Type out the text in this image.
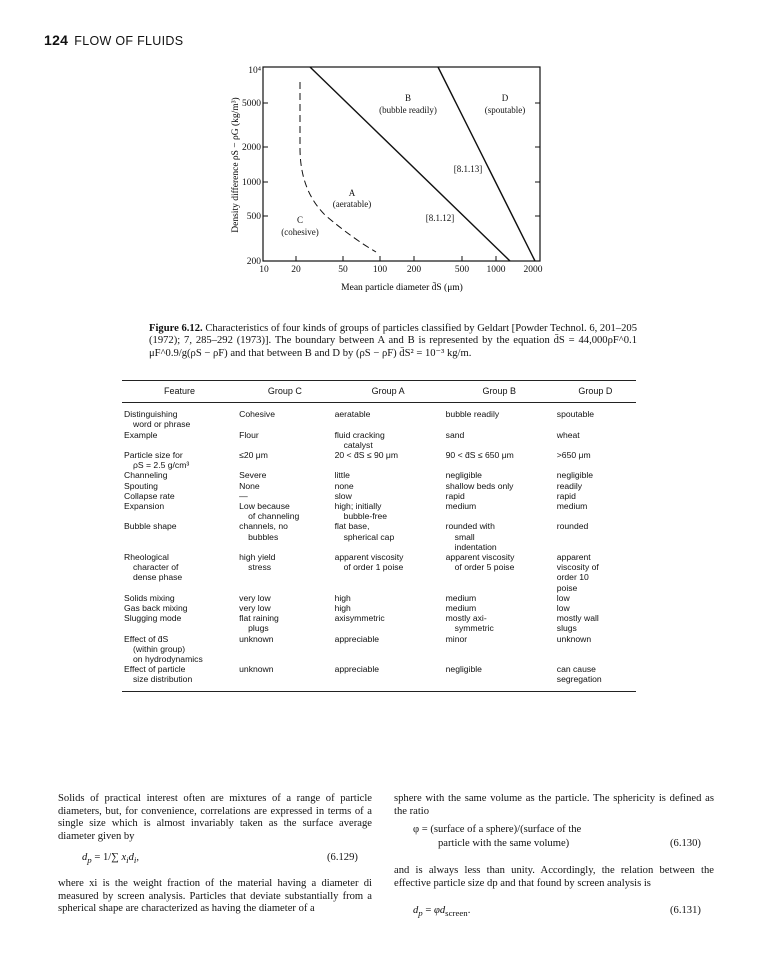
124 FLOW OF FLUIDS
10⁴
5000
2000
1000
500
200
10 20	50	100 200	500 1000 2000
Mean particle diameter d̄S (μm)
Density difference ρS − ρG (kg/m³)	B
(bubble readily)
D
(spoutable)
A
(aeratable)
C
(cohesive)
[8.1.13]
[8.1.12]
Figure 6.12. Characteristics of four kinds of groups of particles classified by Geldart [Powder Technol. 6, 201–205 (1972); 7, 285–292 (1973)]. The boundary between A and B is represented by the equation d̄S = 44,000ρF^0.1 μF^0.9/g(ρS − ρF) and that between B and D by (ρS − ρF) d̄S² = 10⁻³ kg/m.
Feature	Group C	Group A	Group B	Group D

Distinguishing
word or phrase	Cohesive	aeratable	bubble readily	spoutable

Example	Flour	fluid cracking
catalyst	sand	wheat

Particle size for
ρS = 2.5 g/cm³	≤20 μm	20 < d̄S ≤ 90 μm	90 < d̄S ≤ 650 μm	>650 μm

Channeling	Severe	little	negligible	negligible

Spouting	None	none	shallow beds only	readily

Collapse rate	—	slow	rapid	rapid

Expansion	Low because
of channeling	high; initially
bubble-free	medium	medium

Bubble shape	channels, no
bubbles	flat base,
spherical cap	rounded with
small
indentation	rounded

Rheological
character of
dense phase	high yield
stress	apparent viscosity
of order 1 poise	apparent viscosity
of order 5 poise	apparent
viscosity of
order 10
poise

Solids mixing	very low	high	medium	low

Gas back mixing	very low	high	medium	low

Slugging mode	flat raining
plugs	axisymmetric	mostly axi-
symmetric	mostly wall
slugs

Effect of d̄S
(within group)
on hydrodynamics	unknown	appreciable	minor	unknown

Effect of particle
size distribution	unknown	appreciable	negligible	can cause
segregation
Solids of practical interest often are mixtures of a range of particle diameters, but, for convenience, correlations are expressed in terms of a single size which is almost invariably taken as the surface average diameter given by
$d_p = 1/\sum$ $x_id_i$,	(6.129)
where xi is the weight fraction of the material having a diameter di measured by screen analysis. Particles that deviate substantially from a spherical shape are characterized as having the diameter of a
sphere with the same volume as the particle. The sphericity is defined as the ratio
φ = (surface of a sphere)/(surface of the
particle with the same volume)	(6.130)
and is always less than unity. Accordingly, the relation between the effective particle size dp and that found by screen analysis is
$d_p = \varphi d_{screen}$.	(6.131)
